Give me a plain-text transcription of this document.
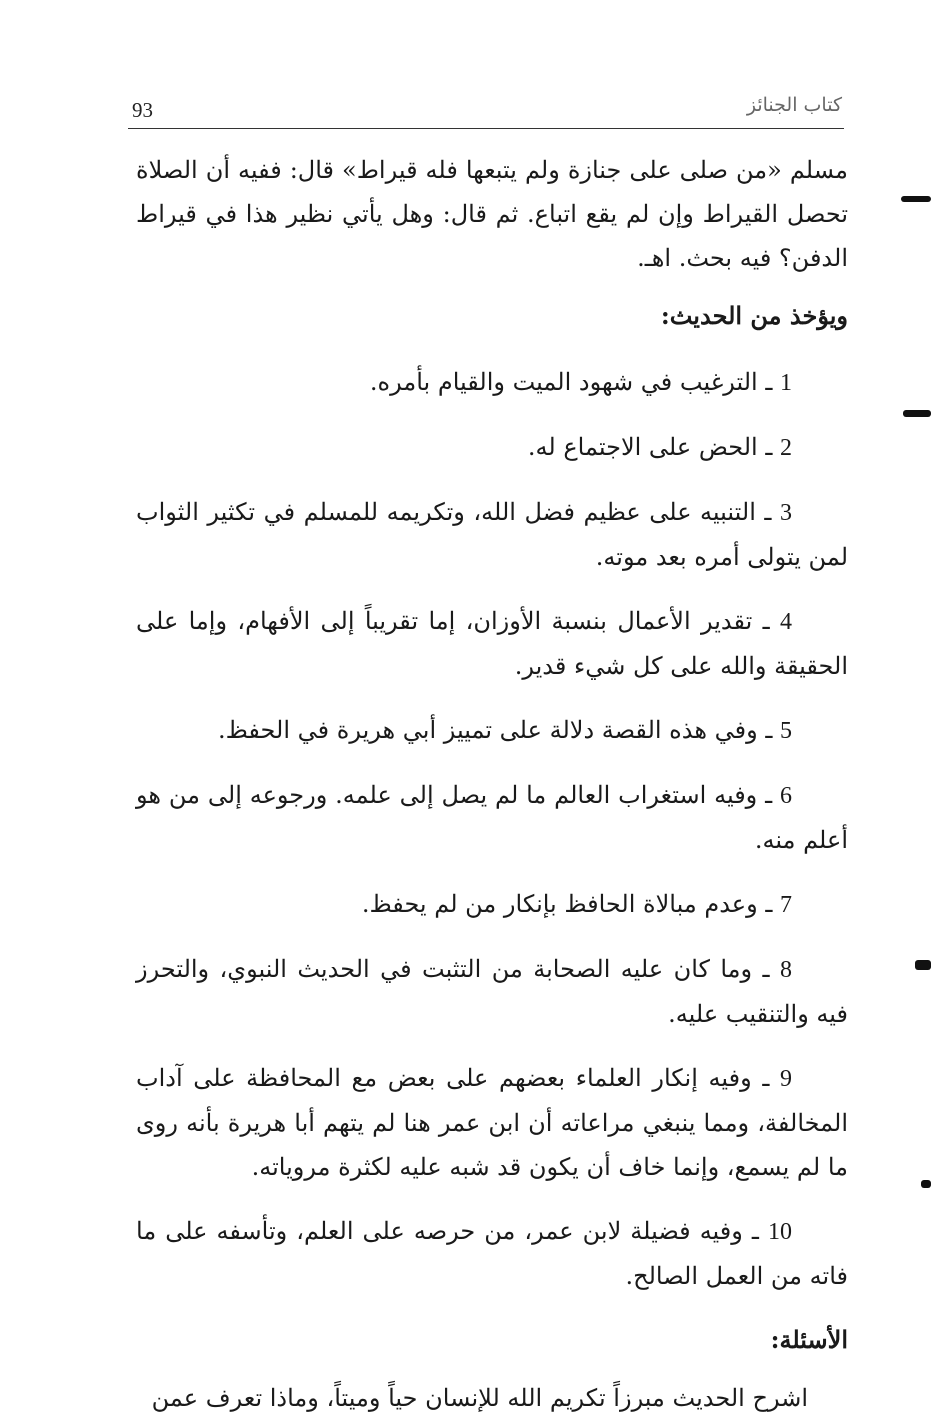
93	كتاب الجنائز

مسلم «من صلى على جنازة ولم يتبعها فله قيراط» قال: ففيه أن الصلاة تحصل القيراط وإن لم يقع اتباع. ثم قال: وهل يأتي نظير هذا في قيراط الدفن؟ فيه بحث. اهـ.

ويؤخذ من الحديث:

1 ـ الترغيب في شهود الميت والقيام بأمره.

2 ـ الحض على الاجتماع له.

3 ـ التنبيه على عظيم فضل الله، وتكريمه للمسلم في تكثير الثواب لمن يتولى أمره بعد موته.

4 ـ تقدير الأعمال بنسبة الأوزان، إما تقريباً إلى الأفهام، وإما على الحقيقة والله على كل شيء قدير.

5 ـ وفي هذه القصة دلالة على تمييز أبي هريرة في الحفظ.

6 ـ وفيه استغراب العالم ما لم يصل إلى علمه. ورجوعه إلى من هو أعلم منه.

7 ـ وعدم مبالاة الحافظ بإنكار من لم يحفظ.

8 ـ وما كان عليه الصحابة من التثبت في الحديث النبوي، والتحرز فيه والتنقيب عليه.

9 ـ وفيه إنكار العلماء بعضهم على بعض مع المحافظة على آداب المخالفة، ومما ينبغي مراعاته أن ابن عمر هنا لم يتهم أبا هريرة بأنه روى ما لم يسمع، وإنما خاف أن يكون قد شبه عليه لكثرة مروياته.

10 ـ وفيه فضيلة لابن عمر، من حرصه على العلم، وتأسفه على ما فاته من العمل الصالح.

الأسئلة:

اشرح الحديث مبرزاً تكريم الله للإنسان حياً وميتاً، وماذا تعرف عمن
